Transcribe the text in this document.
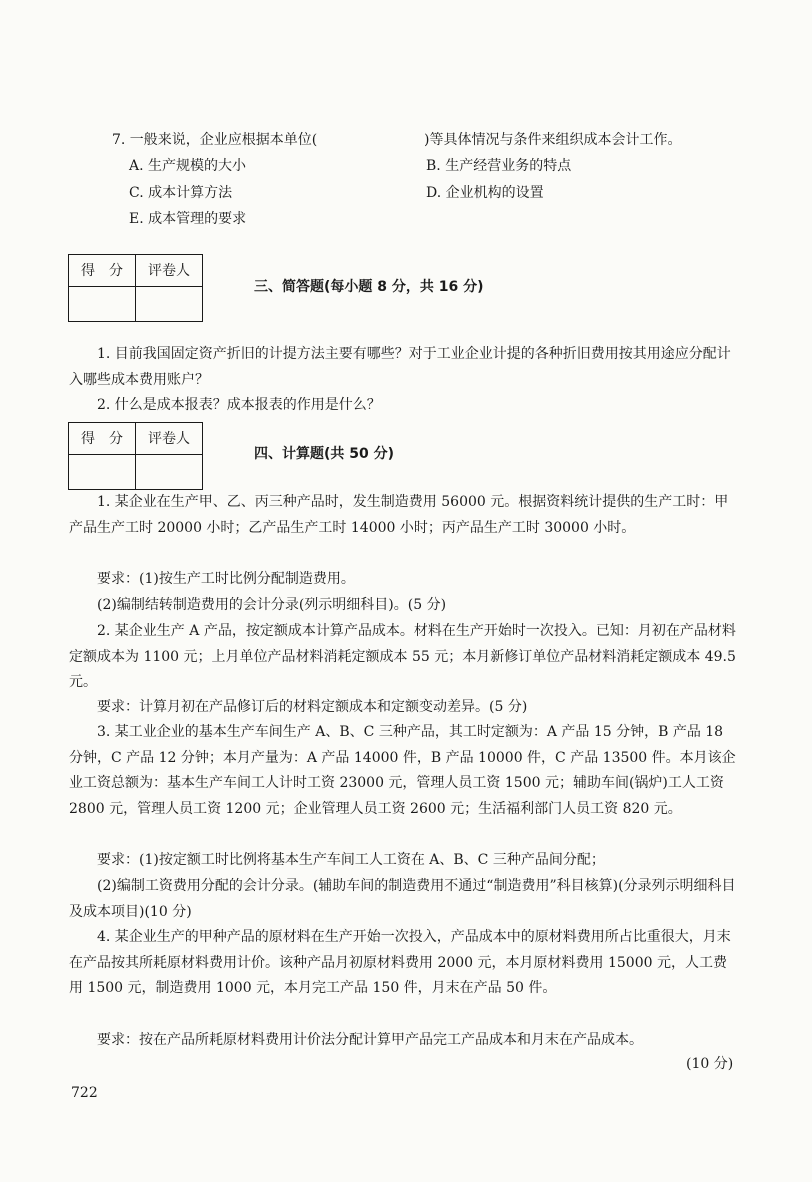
7. 一般来说，企业应根据本单位(	)等具体情况与条件来组织成本会计工作。
A. 生产规模的大小	B. 生产经营业务的特点
C. 成本计算方法	D. 企业机构的设置
E. 成本管理的要求
得　分	评卷人

三、简答题(每小题 8 分，共 16 分)
1. 目前我国固定资产折旧的计提方法主要有哪些？对于工业企业计提的各种折旧费用按其用途应分配计入哪些成本费用账户？
2. 什么是成本报表？成本报表的作用是什么？
得　分	评卷人

四、计算题(共 50 分)
1. 某企业在生产甲、乙、丙三种产品时，发生制造费用 56000 元。根据资料统计提供的生产工时：甲产品生产工时 20000 小时；乙产品生产工时 14000 小时；丙产品生产工时 30000 小时。
要求：(1)按生产工时比例分配制造费用。
(2)编制结转制造费用的会计分录(列示明细科目)。(5 分)
2. 某企业生产 A 产品，按定额成本计算产品成本。材料在生产开始时一次投入。已知：月初在产品材料定额成本为 1100 元；上月单位产品材料消耗定额成本 55 元；本月新修订单位产品材料消耗定额成本 49.5 元。
要求：计算月初在产品修订后的材料定额成本和定额变动差异。(5 分)
3. 某工业企业的基本生产车间生产 A、B、C 三种产品，其工时定额为：A 产品 15 分钟，B 产品 18 分钟，C 产品 12 分钟；本月产量为：A 产品 14000 件，B 产品 10000 件，C 产品 13500 件。本月该企业工资总额为：基本生产车间工人计时工资 23000 元，管理人员工资 1500 元；辅助车间(锅炉)工人工资 2800 元，管理人员工资 1200 元；企业管理人员工资 2600 元；生活福利部门人员工资 820 元。
要求：(1)按定额工时比例将基本生产车间工人工资在 A、B、C 三种产品间分配；
(2)编制工资费用分配的会计分录。(辅助车间的制造费用不通过“制造费用”科目核算)(分录列示明细科目及成本项目)(10 分)
4. 某企业生产的甲种产品的原材料在生产开始一次投入，产品成本中的原材料费用所占比重很大，月末在产品按其所耗原材料费用计价。该种产品月初原材料费用 2000 元，本月原材料费用 15000 元，人工费用 1500 元，制造费用 1000 元，本月完工产品 150 件，月末在产品 50 件。
要求：按在产品所耗原材料费用计价法分配计算甲产品完工产品成本和月末在产品成本。
(10 分)
722
